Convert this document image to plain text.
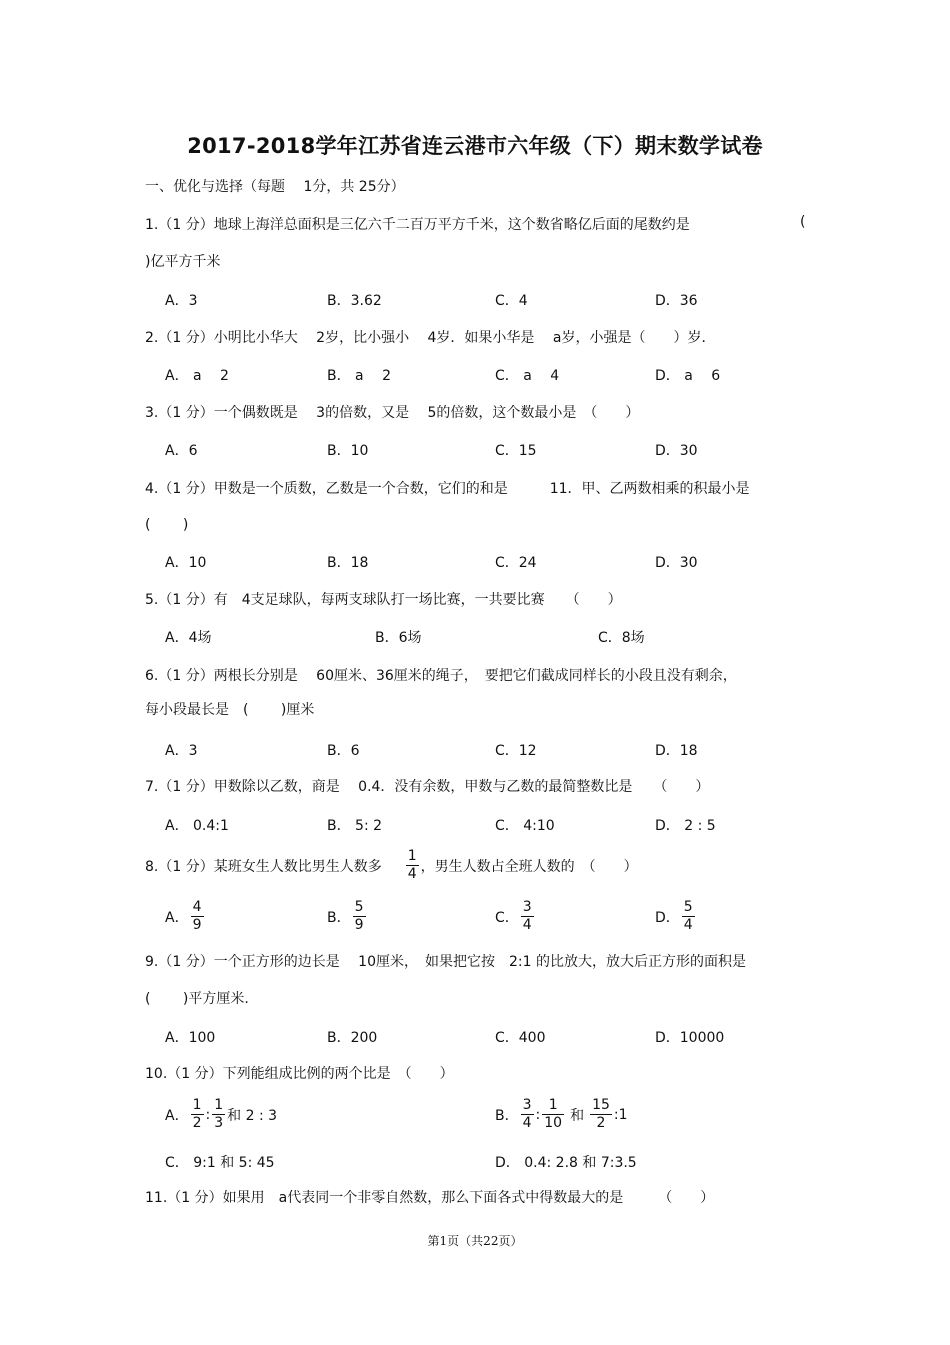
2017-2018学年江苏省连云港市六年级（下）期末数学试卷
一、优化与选择（每题　 1分，共 25分）
1.（1 分）地球上海洋总面积是三亿六千二百万平方千米，这个数省略亿后面的尾数约是	(
)亿平方千米
A．3	B．3.62	C．4	D．36
2.（1 分）小明比小华大　 2岁，比小强小　 4岁．如果小华是　 a岁，小强是（　　）岁．
A． a　 2	B． a　 2	C． a　 4	D． a　 6
3.（1 分）一个偶数既是　 3的倍数，又是　 5的倍数，这个数最小是　（　　）
A．6	B．10	C．15	D．30
4.（1 分）甲数是一个质数，乙数是一个合数，它们的和是　　　11．甲、乙两数相乘的积最小是
(　　 )
A．10	B．18	C．24	D．30
5.（1 分）有　4支足球队，每两支球队打一场比赛，一共要比赛　　（　　）
A．4场	B．6场	C．8场
6.（1 分）两根长分别是　 60厘米、36厘米的绳子，　要把它们截成同样长的小段且没有剩余，
每小段最长是　(　　 )厘米
A．3	B．6	C．12	D．18
7.（1 分）甲数除以乙数，商是　 0.4．没有余数，甲数与乙数的最简整数比是　　（　　）
A． 0.4:1	B． 5: 2	C． 4:10	D． 2 : 5
8.（1 分）某班女生人数比男生人数多 $\frac{1}{4}$ ，男生人数占全班人数的　（　　）
A． $\frac{4}{9}$	B． $\frac{5}{9}$	C． $\frac{3}{4}$	D． $\frac{5}{4}$
9.（1 分）一个正方形的边长是　 10厘米，　如果把它按　2:1 的比放大，放大后正方形的面积是
(　　 )平方厘米.
A．100	B．200	C．400	D．10000
10.（1 分）下列能组成比例的两个比是　（　　）
A． $\frac{1}{2}$ : $\frac{1}{3}$ 和 2 : 3	B． $\frac{3}{4}$ : $\frac{1}{10}$ 和 $\frac{15}{2}$ :1
C． 9:1 和 5: 45	D． 0.4: 2.8 和 7:3.5
11.（1 分）如果用　a代表同一个非零自然数，那么下面各式中得数最大的是　　　（　　）
第1页（共22页）
